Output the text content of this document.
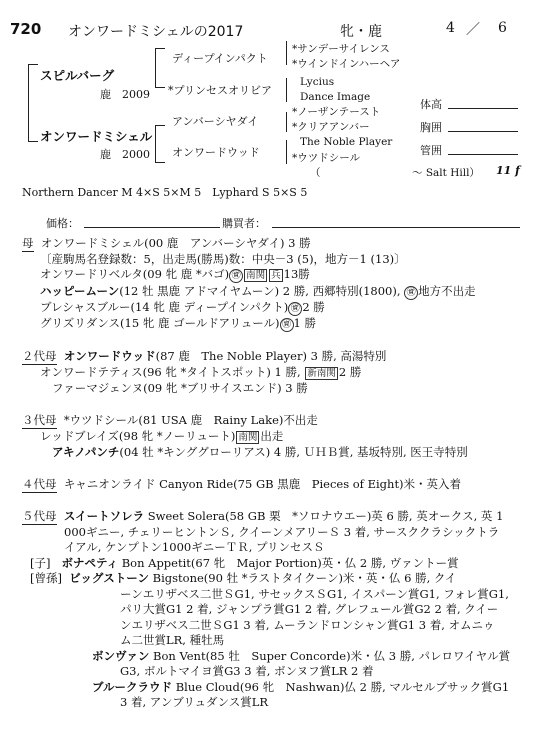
720 オンワードミシェルの2017	牝・鹿	4 ／ 6
スピルバーグ
鹿　2009
オンワードミシェル
鹿　2000
ディープインパクト
*プリンセスオリビア
アンバーシヤダイ
オンワードウッド
*サンデーサイレンス
*ウインドインハーヘア
Lycius
Dance Image
*ノーザンテースト
*クリアアンバー
The Noble Player
*ウツドシール
（	～ Salt Hill） 11 f
体高
胸囲
管囲
Northern Dancer M 4×S 5×M 5　Lyphard S 5×S 5
価格：	購買者：
母 オンワードミシェル(00 鹿　アンバーシヤダイ) 3 勝
〔産駒馬名登録数：5，出走馬(勝馬)数：中央－3 (5)，地方－1 (13)〕
オンワードリベルタ(09 牝 鹿 *バゴ) ㊮ 南関 兵 13勝
ハッピームーン(12 牡 黒鹿 アドマイヤムーン) 2 勝, 西郷特別(1800), ㊮ 地方不出走
ブレシャスブルー(14 牝 鹿 ディープインパクト) ㊮ 2 勝
グリズリダンス(15 牝 鹿 ゴールドアリュール) ㊮ 1 勝
２代母 オンワードウッド(87 鹿　The Noble Player) 3 勝, 高湯特別
オンワードテティス(96 牝 *タイトスポット) 1 勝, 新南関 2 勝
ファーマジェンヌ(09 牝 *ブリサイスエンド) 3 勝
３代母 *ウツドシール(81 USA 鹿　Rainy Lake)不出走
レッドブレイズ(98 牝 *ノーリュート) 南関 出走
アキノパンチ(04 牡 *キンググローリアス) 4 勝, ＵＨＢ賞, 基坂特別, 医王寺特別
４代母 キャニオンライド Canyon Ride(75 GB 黒鹿　Pieces of Eight)米・英入着
５代母 スイートソレラ Sweet Solera(58 GB 栗　*ソロナウエー)英 6 勝, 英オークス, 英 1
000ギニー, チェリーヒントンＳ, クイーンメアリーＳ 3 着, サースククラシックトラ
イアル, ケンプトン1000ギニーＴＲ, プリンセスＳ
[子] ボナペティ Bon Appetit(67 牝　Major Portion)英・仏 2 勝, ヴァントー賞
[曾孫] ビッグストーン Bigstone(90 牡 *ラストタイクーン)米・英・仏 6 勝, クイ
ーンエリザベス二世ＳG1, サセックスＳG1, イスパーン賞G1, フォレ賞G1,
パリ大賞G1 2 着, ジャンプラ賞G1 2 着, グレフュール賞G2 2 着, クイー
ンエリザベス二世ＳG1 3 着, ムーランドロンシャン賞G1 3 着, オムニゥ
ム二世賞LR, 種牡馬
ボンヴァン Bon Vent(85 牡　Super Concorde)米・仏 3 勝, パレロワイヤル賞
G3, ボルトマイヨ賞G3 3 着, ボンヌフ賞LR 2 着
ブルークラウド Blue Cloud(96 牝　Nashwan)仏 2 勝, マルセルブサック賞G1
3 着, アンブリュダンス賞LR
